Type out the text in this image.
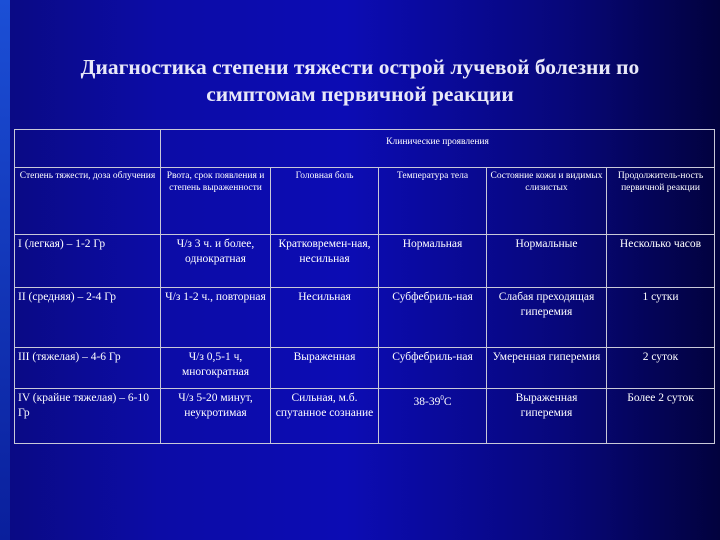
Диагностика степени тяжести острой лучевой болезни по
симптомам первичной реакции
	Клинические проявления				
Степень тяжести, доза облучения	Рвота, срок появления и степень выраженности	Головная боль	Температура тела	Состояние кожи и видимых слизистых	Продолжитель-ность первичной реакции
I (легкая) – 1-2 Гр	Ч/з 3 ч. и более, однократная	Кратковремен-ная, несильная	Нормальная	Нормальные	Несколько часов
II (средняя) – 2-4 Гр	Ч/з 1-2 ч., повторная	Несильная	Субфебриль-ная	Слабая преходящая гиперемия	1 сутки
III (тяжелая) – 4-6 Гр	Ч/з 0,5-1 ч, многократная	Выраженная	Субфебриль-ная	Умеренная гиперемия	2 суток
IV (крайне тяжелая) – 6-10 Гр	Ч/з 5-20 минут, неукротимая	Сильная, м.б. спутанное сознание	$38-39^0С$	Выраженная гиперемия	Более 2 суток
